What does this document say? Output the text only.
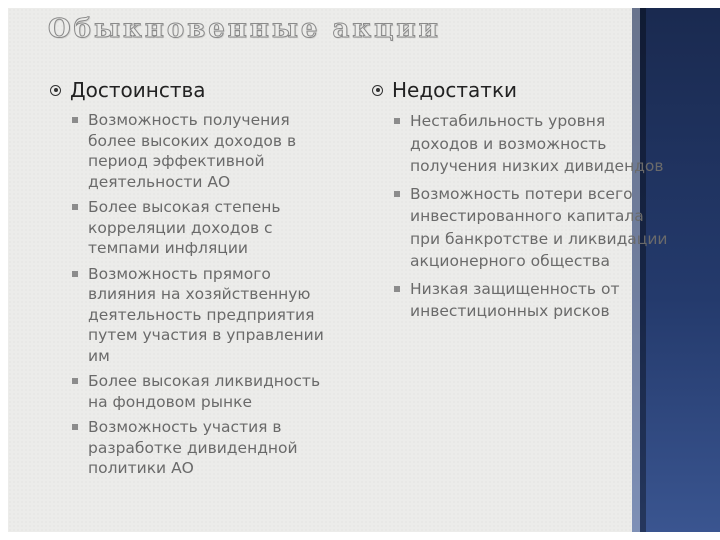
Обыкновенные акции
Достоинства
Возможность получения более высоких доходов в период эффективной деятельности АО
Более высокая степень корреляции доходов с темпами инфляции
Возможность прямого влияния на хозяйственную деятельность предприятия путем участия в управлении им
Более высокая ликвидность на фондовом рынке
Возможность участия в разработке дивидендной политики АО
Недостатки
Нестабильность уровня доходов и возможность получения низких дивидендов
Возможность потери всего инвестированного капитала при банкротстве и ликвидации акционерного общества
Низкая защищенность от инвестиционных рисков
